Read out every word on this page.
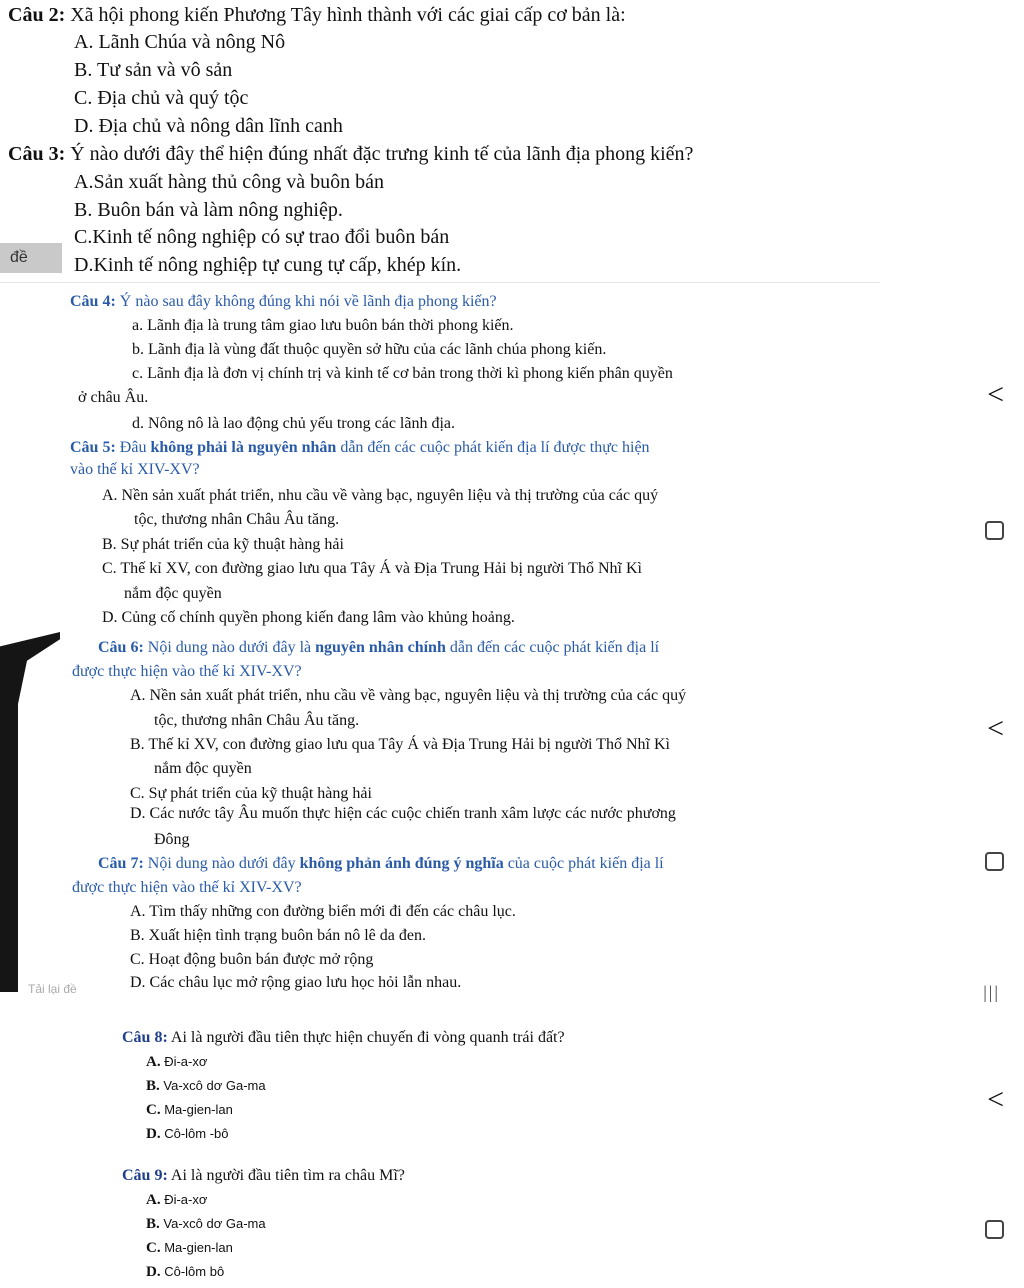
Câu 2: Xã hội phong kiến Phương Tây hình thành với các giai cấp cơ bản là:
A. Lãnh Chúa và nông Nô
B. Tư sản và vô sản
C. Địa chủ và quý tộc
D. Địa chủ và nông dân lĩnh canh
Câu 3: Ý nào dưới đây thể hiện đúng nhất đặc trưng kinh tế của lãnh địa phong kiến?
A.Sản xuất hàng thủ công và buôn bán
B. Buôn bán và làm nông nghiệp.
C.Kinh tế nông nghiệp có sự trao đổi buôn bán
D.Kinh tế nông nghiệp tự cung tự cấp, khép kín.
đề
Câu 4: Ý nào sau đây không đúng khi nói về lãnh địa phong kiến?
a. Lãnh địa là trung tâm giao lưu buôn bán thời phong kiến.
b. Lãnh địa là vùng đất thuộc quyền sở hữu của các lãnh chúa phong kiến.
c. Lãnh địa là đơn vị chính trị và kinh tế cơ bản trong thời kì phong kiến phân quyền
ở châu Âu.
d. Nông nô là lao động chủ yếu trong các lãnh địa.
Câu 5: Đâu không phải là nguyên nhân dẫn đến các cuộc phát kiến địa lí được thực hiện
vào thế kỉ XIV-XV?
A. Nền sản xuất phát triển, nhu cầu về vàng bạc, nguyên liệu và thị trường của các quý
tộc, thương nhân Châu Âu tăng.
B. Sự phát triển của kỹ thuật hàng hải
C. Thế kỉ XV, con đường giao lưu qua Tây Á và Địa Trung Hải bị người Thổ Nhĩ Kì
nắm độc quyền
D. Củng cố chính quyền phong kiến đang lâm vào khủng hoảng.
Câu 6: Nội dung nào dưới đây là nguyên nhân chính dẫn đến các cuộc phát kiến địa lí
được thực hiện vào thế kỉ XIV-XV?
A. Nền sản xuất phát triển, nhu cầu về vàng bạc, nguyên liệu và thị trường của các quý
tộc, thương nhân Châu Âu tăng.
B. Thế kỉ XV, con đường giao lưu qua Tây Á và Địa Trung Hải bị người Thổ Nhĩ Kì
nắm độc quyền
C. Sự phát triển của kỹ thuật hàng hải
D. Các nước tây Âu muốn thực hiện các cuộc chiến tranh xâm lược các nước phương
Đông
Câu 7: Nội dung nào dưới đây không phản ánh đúng ý nghĩa của cuộc phát kiến địa lí
được thực hiện vào thế kỉ XIV-XV?
A. Tìm thấy những con đường biển mới đi đến các châu lục.
B. Xuất hiện tình trạng buôn bán nô lê da đen.
C. Hoạt động buôn bán được mở rộng
D. Các châu lục mở rộng giao lưu học hỏi lẫn nhau.
Tải lại đề
Câu 8: Ai là người đầu tiên thực hiện chuyến đi vòng quanh trái đất?
A. Đi-a-xơ
B. Va-xcô dơ Ga-ma
C. Ma-gien-lan
D. Cô-lôm -bô
Câu 9: Ai là người đầu tiên tìm ra châu Mĩ?
A. Đi-a-xơ
B. Va-xcô dơ Ga-ma
C. Ma-gien-lan
D. Cô-lôm bô
<
<
|||
<
